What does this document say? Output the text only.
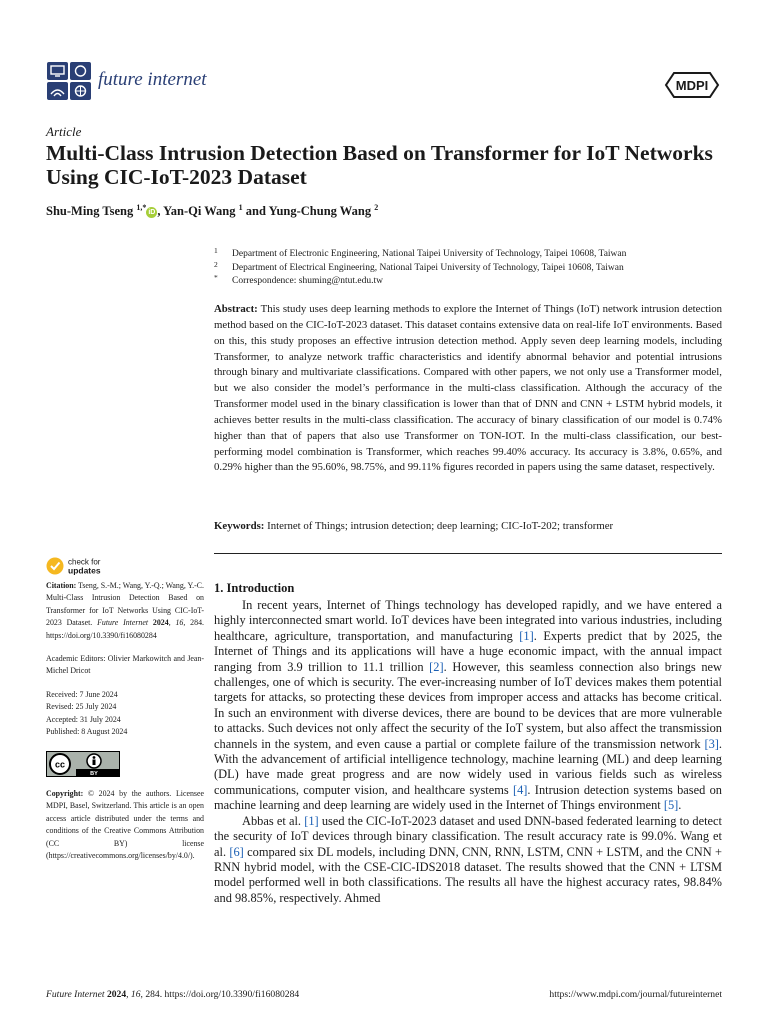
future internet	MDPI
Article
Multi-Class Intrusion Detection Based on Transformer for IoT Networks Using CIC-IoT-2023 Dataset
Shu-Ming Tseng $^{1,*}$iD , Yan-Qi Wang $^1$ and Yung-Chung Wang $^2$
1 Department of Electronic Engineering, National Taipei University of Technology, Taipei 10608, Taiwan
2 Department of Electrical Engineering, National Taipei University of Technology, Taipei 10608, Taiwan
* Correspondence: shuming@ntut.edu.tw

Abstract: This study uses deep learning methods to explore the Internet of Things (IoT) network intrusion detection method based on the CIC-IoT-2023 dataset. This dataset contains extensive data on real-life IoT environments. Based on this, this study proposes an effective intrusion detection method. Apply seven deep learning models, including Transformer, to analyze network traffic characteristics and identify abnormal behavior and potential intrusions through binary and multivariate classifications. Compared with other papers, we not only use a Transformer model, but we also consider the model’s performance in the multi-class classification. Although the accuracy of the Transformer model used in the binary classification is lower than that of DNN and CNN + LSTM hybrid models, it achieves better results in the multi-class classification. The accuracy of binary classification of our model is 0.74% higher than that of papers that also use Transformer on TON-IOT. In the multi-class classification, our best-performing model combination is Transformer, which reaches 99.40% accuracy. Its accuracy is 3.8%, 0.65%, and 0.29% higher than the 95.60%, 98.75%, and 99.11% figures recorded in papers using the same dataset, respectively.

Keywords: Internet of Things; intrusion detection; deep learning; CIC-IoT-202; transformer

check for
updates

Citation: Tseng, S.-M.; Wang, Y.-Q.; Wang, Y.-C. Multi-Class Intrusion Detection Based on Transformer for IoT Networks Using CIC-IoT-2023 Dataset. Future Internet 2024, 16, 284. https://doi.org/10.3390/fi16080284

Academic Editors: Olivier Markowitch and Jean-Michel Dricot

Received: 7 June 2024

Revised: 25 July 2024

Accepted: 31 July 2024

Published: 8 August 2024

cc
BY

Copyright: © 2024 by the authors. Licensee MDPI, Basel, Switzerland. This article is an open access article distributed under the terms and conditions of the Creative Commons Attribution (CC BY) license (https://creativecommons.org/licenses/by/4.0/).

1. Introduction

In recent years, Internet of Things technology has developed rapidly, and we have entered a highly interconnected smart world. IoT devices have been integrated into various industries, including healthcare, agriculture, transportation, and manufacturing [1]. Experts predict that by 2025, the Internet of Things and its applications will have a huge economic impact, with the annual impact ranging from 3.9 trillion to 11.1 trillion [2]. However, this seamless connection also brings new challenges, one of which is security. The ever-increasing number of IoT devices makes them potential targets for attacks, so protecting these devices from improper access and attacks has become critical. In such an environment with diverse devices, there are bound to be devices that are more vulnerable to attacks. Such devices not only affect the security of the IoT system, but also affect the transmission channels in the system, and even cause a partial or complete failure of the transmission network [3]. With the advancement of artificial intelligence technology, machine learning (ML) and deep learning (DL) have made great progress and are now widely used in various fields such as wireless communications, computer vision, and healthcare systems [4]. Intrusion detection systems based on machine learning and deep learning are widely used in the Internet of Things environment [5].

Abbas et al. [1] used the CIC-IoT-2023 dataset and used DNN-based federated learning to detect the security of IoT devices through binary classification. The result accuracy rate is 99.0%. Wang et al. [6] compared six DL models, including DNN, CNN, RNN, LSTM, CNN + LSTM, and the CNN + RNN hybrid model, with the CSE-CIC-IDS2018 dataset. The results showed that the CNN + LTSM model performed well in both classifications. The results all have the highest accuracy rates, 98.84% and 98.85%, respectively. Ahmed

Future Internet 2024, 16, 284. https://doi.org/10.3390/fi16080284	https://www.mdpi.com/journal/futureinternet
